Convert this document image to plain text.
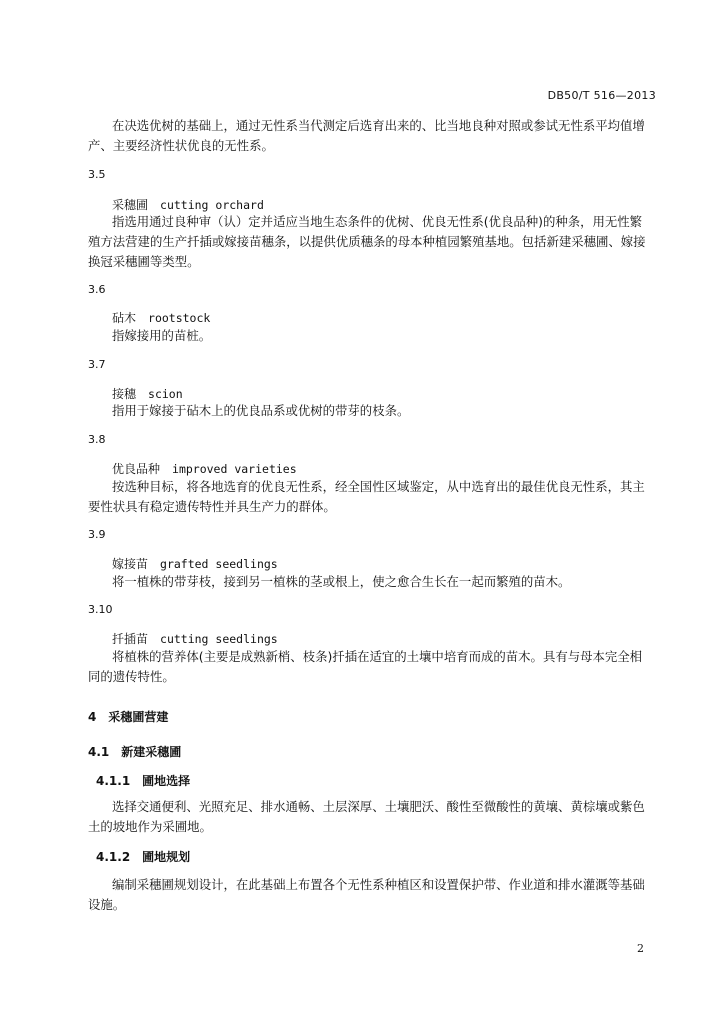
DB50/T 516—2013
在决选优树的基础上，通过无性系当代测定后选育出来的、比当地良种对照或参试无性系平均值增
产、主要经济性状优良的无性系。
3.5
采穗圃 cutting orchard
指选用通过良种审（认）定并适应当地生态条件的优树、优良无性系(优良品种)的种条，用无性繁
殖方法营建的生产扦插或嫁接苗穗条，以提供优质穗条的母本种植园繁殖基地。包括新建采穗圃、嫁接
换冠采穗圃等类型。
3.6
砧木 rootstock
指嫁接用的苗桩。
3.7
接穗 scion
指用于嫁接于砧木上的优良品系或优树的带芽的枝条。
3.8
优良品种 improved varieties
按选种目标，将各地选育的优良无性系，经全国性区域鉴定，从中选育出的最佳优良无性系，其主
要性状具有稳定遗传特性并具生产力的群体。
3.9
嫁接苗 grafted seedlings
将一植株的带芽枝，接到另一植株的茎或根上，使之愈合生长在一起而繁殖的苗木。
3.10
扦插苗 cutting seedlings
将植株的营养体(主要是成熟新梢、枝条)扦插在适宜的土壤中培育而成的苗木。具有与母本完全相
同的遗传特性。
4 采穗圃营建
4.1 新建采穗圃
4.1.1 圃地选择
选择交通便利、光照充足、排水通畅、土层深厚、土壤肥沃、酸性至微酸性的黄壤、黄棕壤或紫色
土的坡地作为采圃地。
4.1.2 圃地规划
编制采穗圃规划设计，在此基础上布置各个无性系种植区和设置保护带、作业道和排水灌溉等基础
设施。
2
